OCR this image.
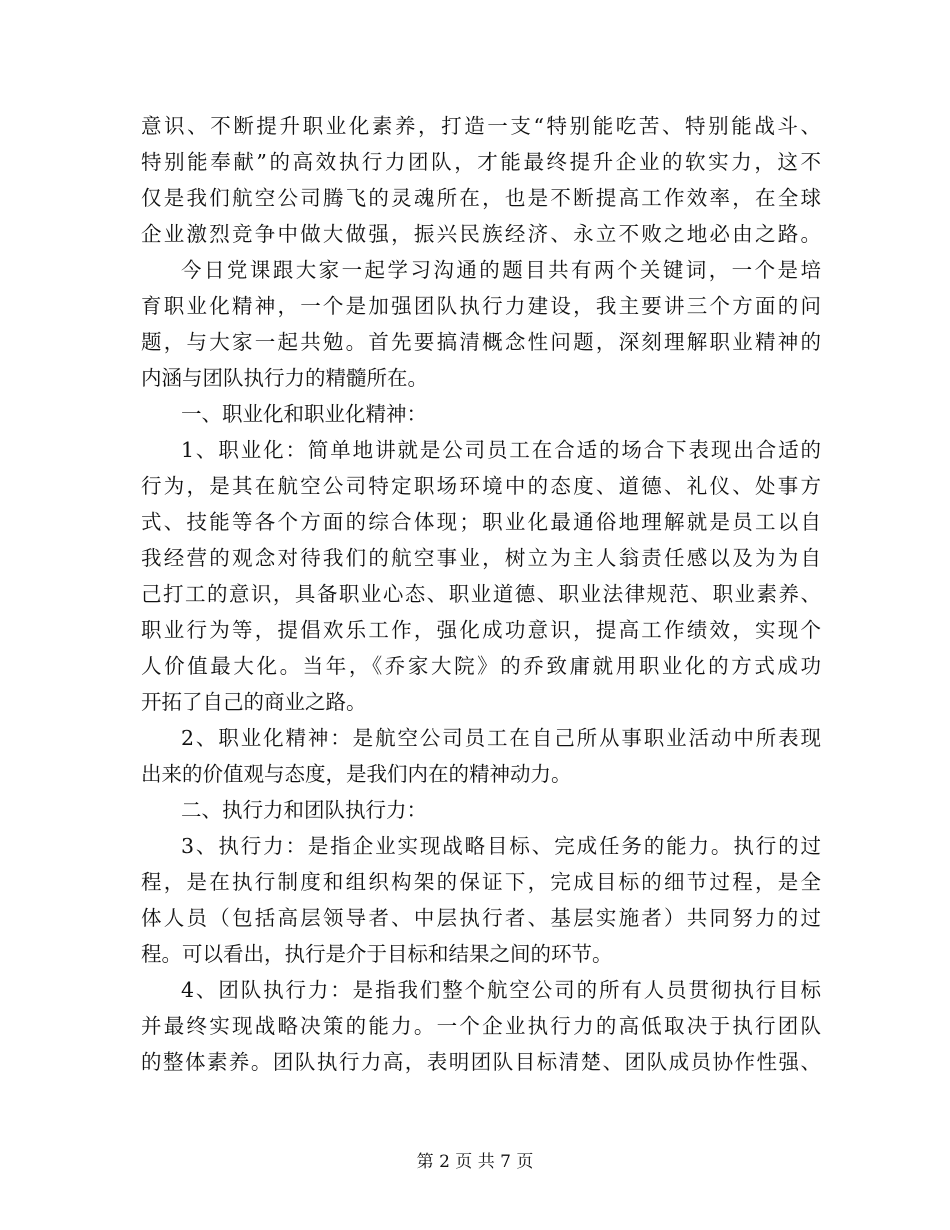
意识、不断提升职业化素养，打造一支“特别能吃苦、特别能战斗、
特别能奉献”的高效执行力团队，才能最终提升企业的软实力，这不
仅是我们航空公司腾飞的灵魂所在，也是不断提高工作效率，在全球
企业激烈竞争中做大做强，振兴民族经济、永立不败之地必由之路。
今日党课跟大家一起学习沟通的题目共有两个关键词，一个是培
育职业化精神，一个是加强团队执行力建设，我主要讲三个方面的问
题，与大家一起共勉。首先要搞清概念性问题，深刻理解职业精神的
内涵与团队执行力的精髓所在。
一、职业化和职业化精神：
1、职业化：简单地讲就是公司员工在合适的场合下表现出合适的
行为，是其在航空公司特定职场环境中的态度、道德、礼仪、处事方
式、技能等各个方面的综合体现；职业化最通俗地理解就是员工以自
我经营的观念对待我们的航空事业，树立为主人翁责任感以及为为自
己打工的意识，具备职业心态、职业道德、职业法律规范、职业素养、
职业行为等，提倡欢乐工作，强化成功意识，提高工作绩效，实现个
人价值最大化。当年，《乔家大院》的乔致庸就用职业化的方式成功
开拓了自己的商业之路。
2、职业化精神：是航空公司员工在自己所从事职业活动中所表现
出来的价值观与态度，是我们内在的精神动力。
二、执行力和团队执行力：
3、执行力：是指企业实现战略目标、完成任务的能力。执行的过
程，是在执行制度和组织构架的保证下，完成目标的细节过程，是全
体人员（包括高层领导者、中层执行者、基层实施者）共同努力的过
程。可以看出，执行是介于目标和结果之间的环节。
4、团队执行力：是指我们整个航空公司的所有人员贯彻执行目标
并最终实现战略决策的能力。一个企业执行力的高低取决于执行团队
的整体素养。团队执行力高，表明团队目标清楚、团队成员协作性强、
第 2 页 共 7 页
